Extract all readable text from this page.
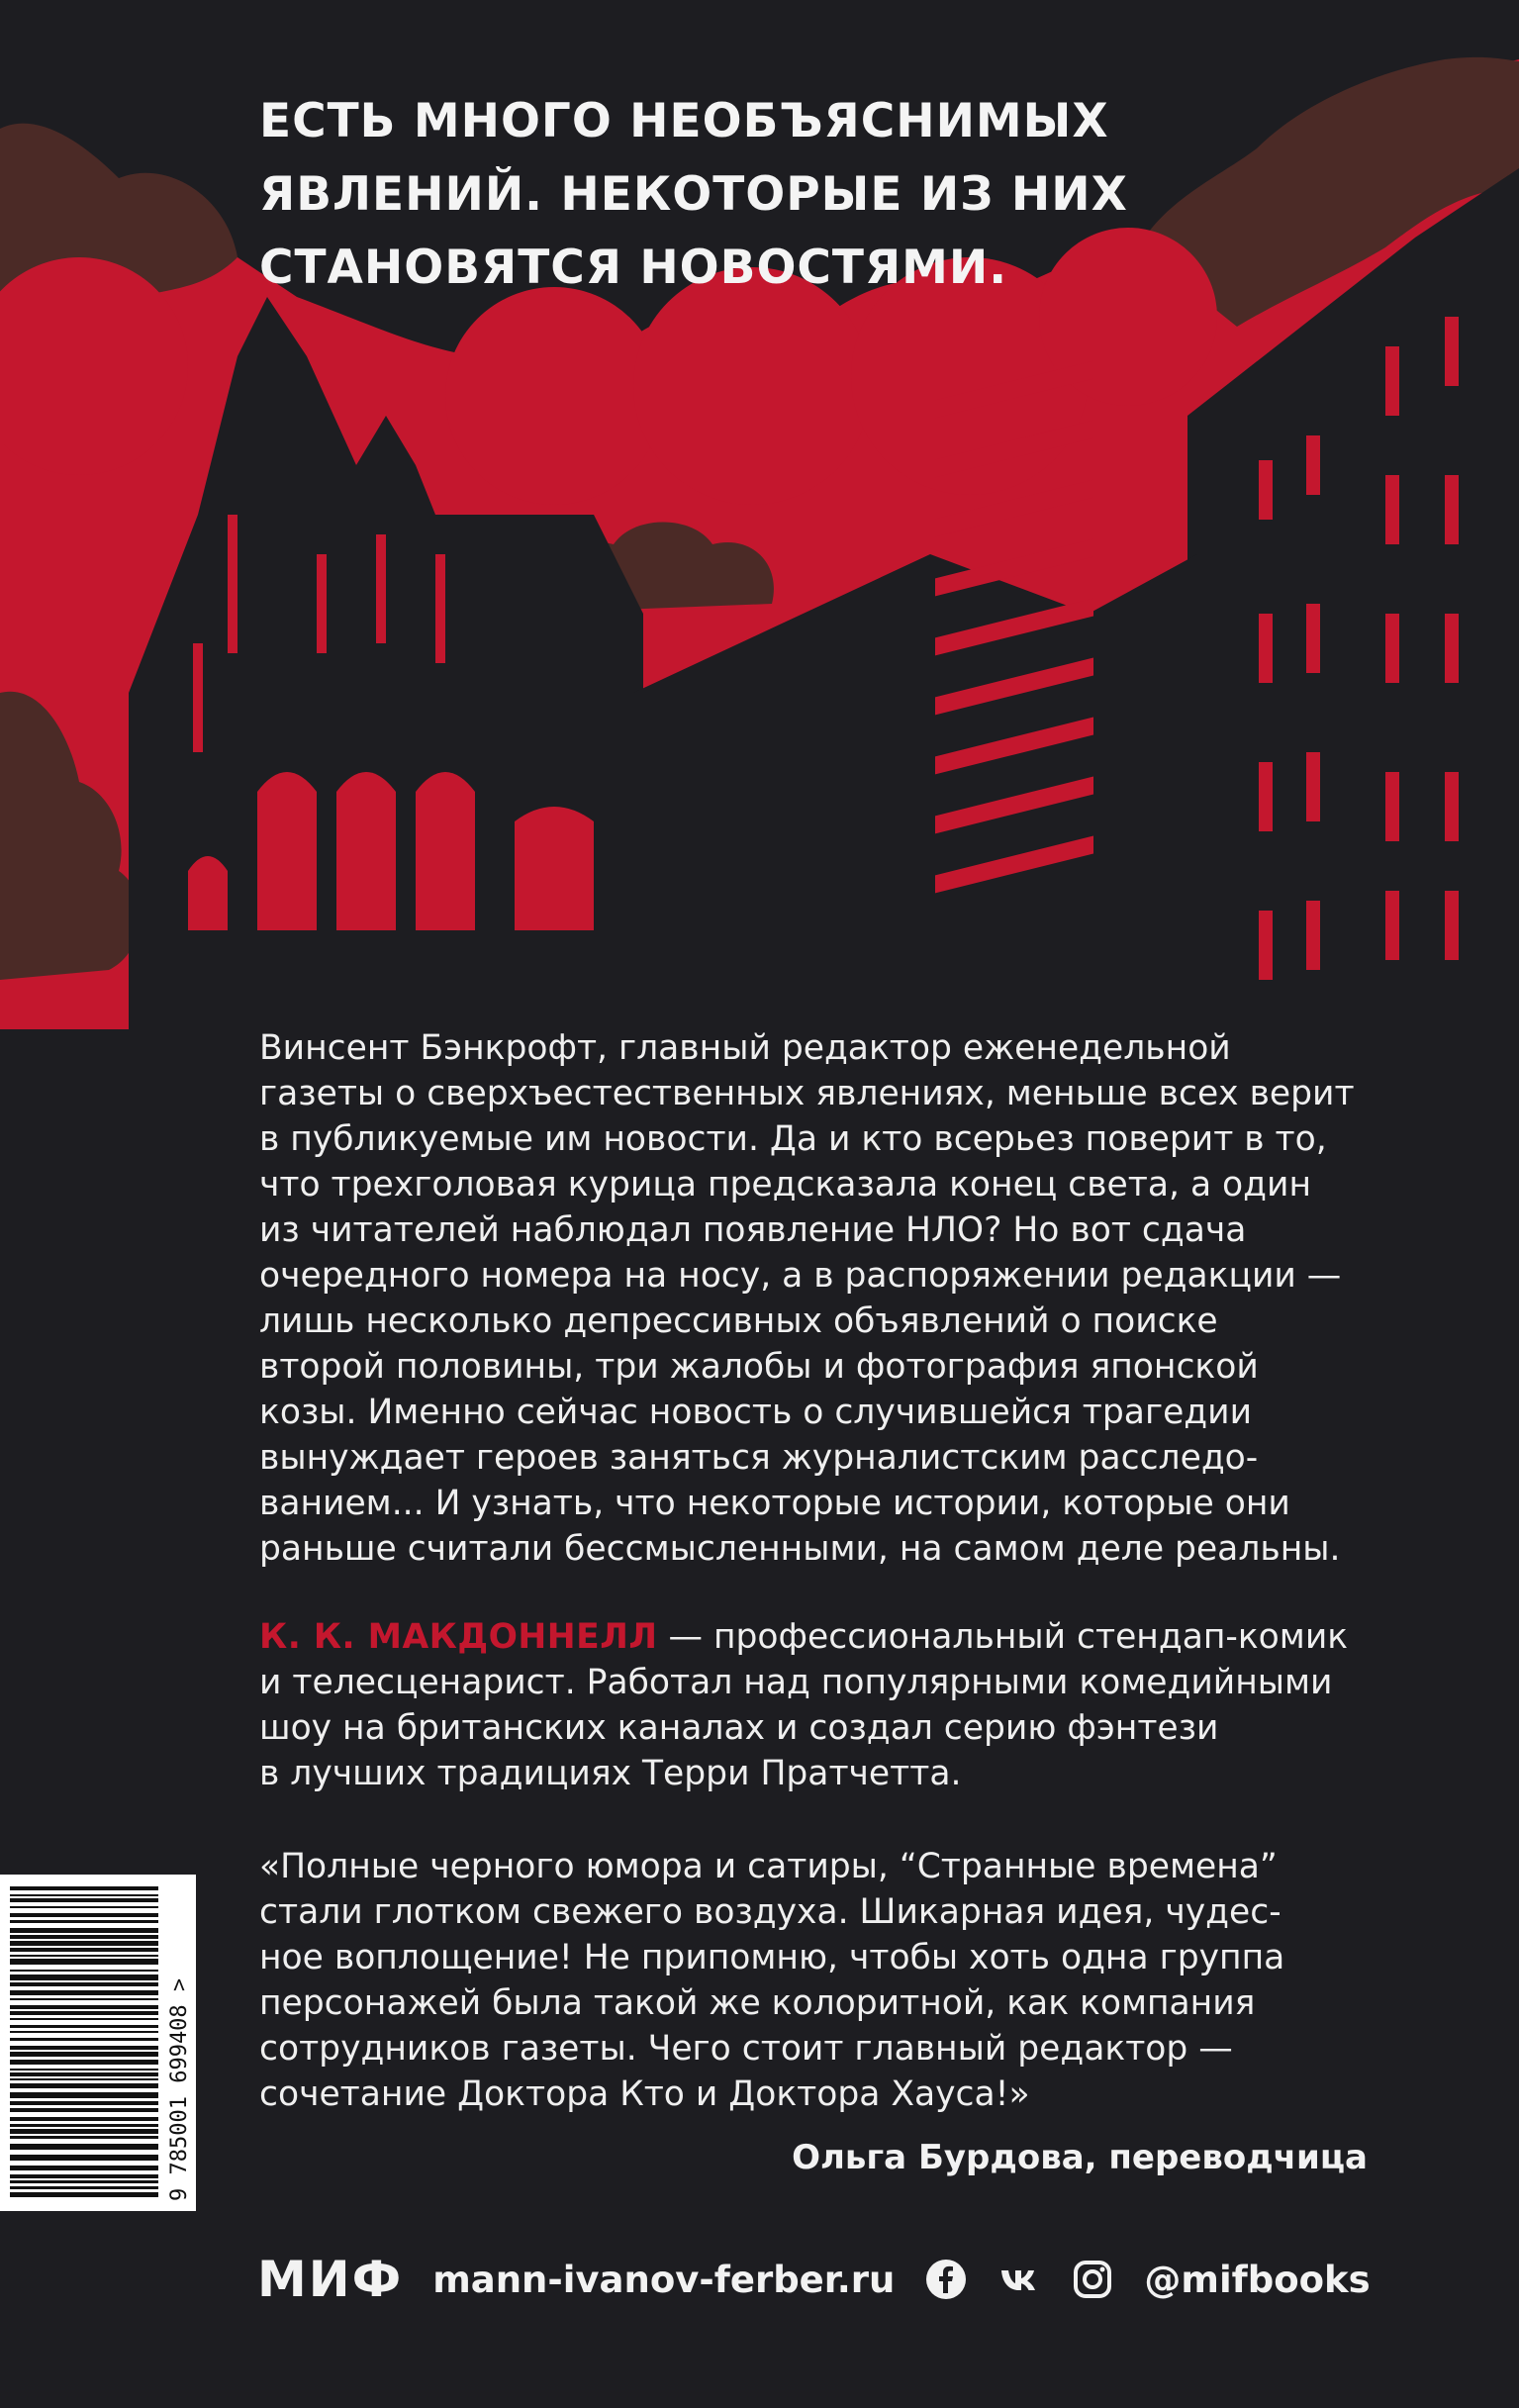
ЕСТЬ МНОГО НЕОБЪЯСНИМЫХ
ЯВЛЕНИЙ. НЕКОТОРЫЕ ИЗ НИХ
СТАНОВЯТСЯ НОВОСТЯМИ.

Винсент Бэнкрофт, главный редактор еженедельной

газеты о сверхъестественных явлениях, меньше всех верит

в публикуемые им новости. Да и кто всерьез поверит в то,

что трехголовая курица предсказала конец света, а один

из читателей наблюдал появление НЛО? Но вот сдача

очередного номера на носу, а в распоряжении редакции —

лишь несколько депрессивных объявлений о поиске

второй половины, три жалобы и фотография японской

козы. Именно сейчас новость о случившейся трагедии

вынуждает героев заняться журналистским расследо-

ванием... И узнать, что некоторые истории, которые они

раньше считали бессмысленными, на самом деле реальны.

К. К. МАКДОННЕЛЛ — профессиональный стендап-комик
и телесценарист. Работал над популярными комедийными
шоу на британских каналах и создал серию фэнтези
в лучших традициях Терри Пратчетта.
«Полные черного юмора и сатиры, “Странные времена”
стали глотком свежего воздуха. Шикарная идея, чудес-
ное воплощение! Не припомню, чтобы хоть одна группа
персонажей была такой же колоритной, как компания
сотрудников газеты. Чего стоит главный редактор —
сочетание Доктора Кто и Доктора Хауса!»
Ольга Бурдова, переводчица
9 785001 699408 >
МИФ mann-ivanov-ferber.ru	@mifbooks
